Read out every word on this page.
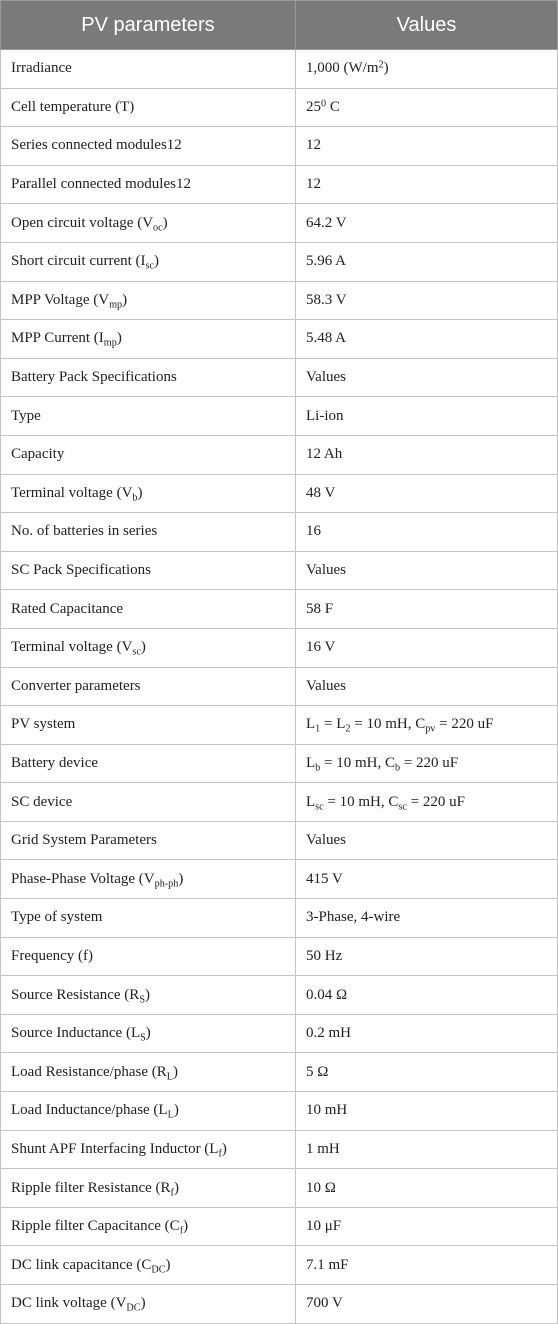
PV parameters	Values
Irradiance	1,000 $(W/m^2)$
Cell temperature (T)	$25^0$ C
Series connected modules12	12
Parallel connected modules12	12
Open circuit voltage $(V_{oc})$	64.2 V
Short circuit current $(I_{sc})$	5.96 A
MPP Voltage $(V_{mp})$	58.3 V
MPP Current $(I_{mp})$	5.48 A
Battery Pack Specifications	Values
Type	Li-ion
Capacity	12 Ah
Terminal voltage $(V_b)$	48 V
No. of batteries in series	16
SC Pack Specifications	Values
Rated Capacitance	58 F
Terminal voltage $(V_{sc})$	16 V
Converter parameters	Values
PV system	$L_1 = L_2 = 10$ mH, $C_{pv} = 220$ uF
Battery device	$L_b = 10$ mH, $C_b = 220$ uF
SC device	$L_{sc} = 10$ mH, $C_{sc} = 220$ uF
Grid System Parameters	Values
Phase-Phase Voltage $(V_{ph-ph})$	415 V
Type of system	3-Phase, 4-wire
Frequency (f)	50 Hz
Source Resistance $(R_S)$	0.04 Ω
Source Inductance $(L_S)$	0.2 mH
Load Resistance/phase $(R_L)$	5 Ω
Load Inductance/phase $(L_L)$	10 mH
Shunt APF Interfacing Inductor $(L_f)$	1 mH
Ripple filter Resistance $(R_f)$	10 Ω
Ripple filter Capacitance $(C_f)$	10 μF
DC link capacitance $(C_{DC})$	7.1 mF
DC link voltage $(V_{DC})$	700 V
